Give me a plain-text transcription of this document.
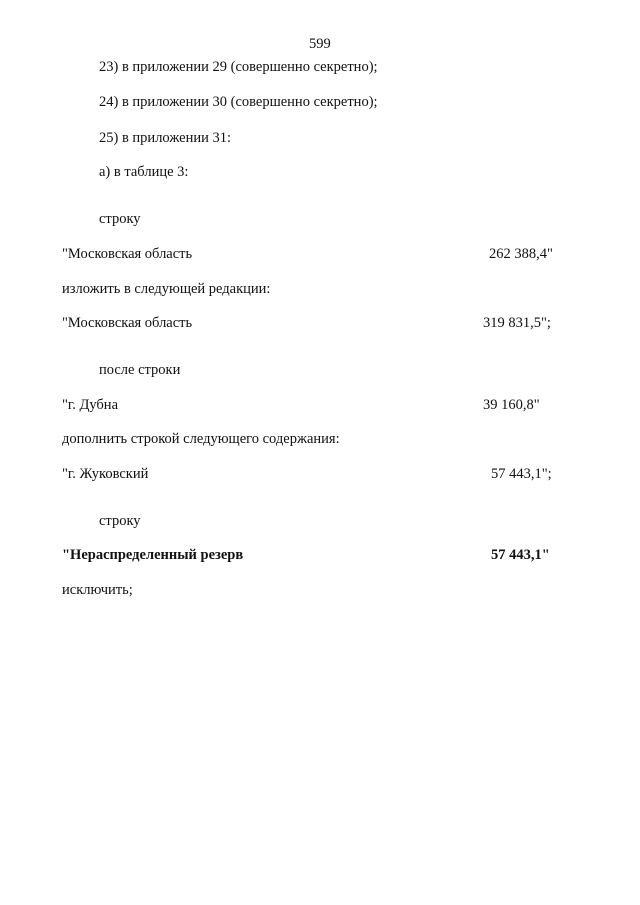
599
23) в приложении 29 (совершенно секретно);
24) в приложении 30 (совершенно секретно);
25) в приложении 31:
а) в таблице 3:
строку
"Московская область	262 388,4"
изложить в следующей редакции:
"Московская область	319 831,5";
после строки
"г. Дубна	39 160,8"
дополнить строкой следующего содержания:
"г. Жуковский	57 443,1";
строку
"Нераспределенный резерв	57 443,1"
исключить;
